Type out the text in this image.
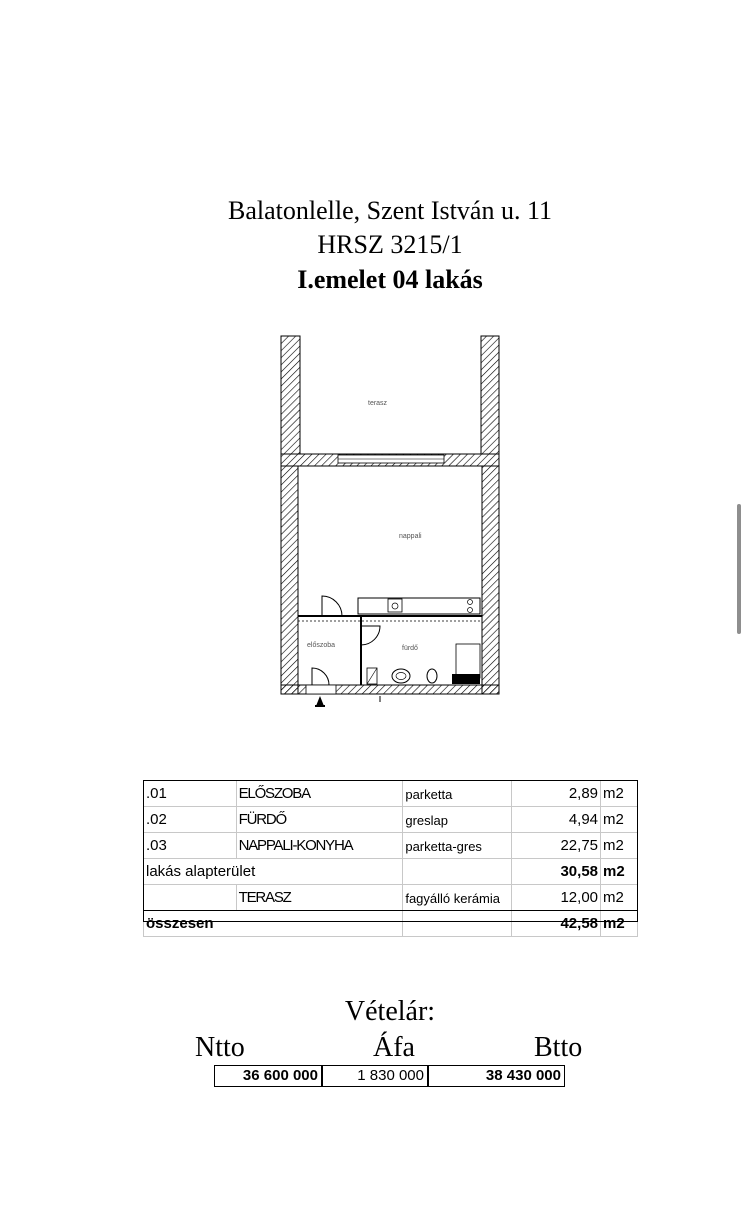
Balatonlelle, Szent István u. 11
HRSZ 3215/1
I.emelet 04 lakás
terasz
nappali
előszoba	fürdő
.01	ELŐSZOBA	parketta	2,89	m2
.02	FÜRDŐ	greslap	4,94	m2
.03	NAPPALI-KONYHA	parketta-gres	22,75	m2
lakás alapterület			30,58	m2
	TERASZ	fagyálló kerámia	12,00	m2
összesen			42,58	m2
Vételár:
Ntto	Áfa	Btto
36 600 000	1 830 000	38 430 000
